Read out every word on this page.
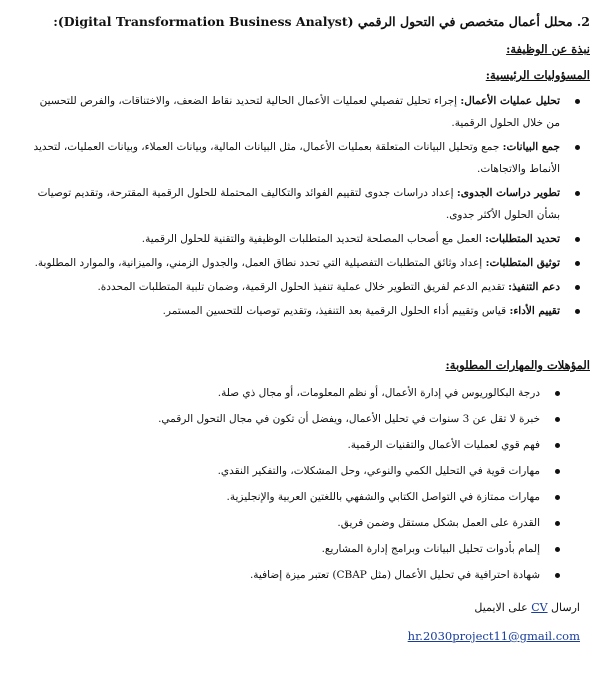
2. محلل أعمال متخصص في التحول الرقمي (Digital Transformation Business Analyst):
نبذة عن الوظيفة:
المسؤوليات الرئيسية:
تحليل عمليات الأعمال: إجراء تحليل تفصيلي لعمليات الأعمال الحالية لتحديد نقاط الضعف، والاختناقات، والفرص للتحسين من خلال الحلول الرقمية.
جمع البيانات: جمع وتحليل البيانات المتعلقة بعمليات الأعمال، مثل البيانات المالية، وبيانات العملاء، وبيانات العمليات، لتحديد الأنماط والاتجاهات.
تطوير دراسات الجدوى: إعداد دراسات جدوى لتقييم الفوائد والتكاليف المحتملة للحلول الرقمية المقترحة، وتقديم توصيات بشأن الحلول الأكثر جدوى.
تحديد المتطلبات: العمل مع أصحاب المصلحة لتحديد المتطلبات الوظيفية والتقنية للحلول الرقمية.
توثيق المتطلبات: إعداد وثائق المتطلبات التفصيلية التي تحدد نطاق العمل، والجدول الزمني، والميزانية، والموارد المطلوبة.
دعم التنفيذ: تقديم الدعم لفريق التطوير خلال عملية تنفيذ الحلول الرقمية، وضمان تلبية المتطلبات المحددة.
تقييم الأداء: قياس وتقييم أداء الحلول الرقمية بعد التنفيذ، وتقديم توصيات للتحسين المستمر.
المؤهلات والمهارات المطلوبة:
درجة البكالوريوس في إدارة الأعمال، أو نظم المعلومات، أو مجال ذي صلة.
خبرة لا تقل عن 3 سنوات في تحليل الأعمال، ويفضل أن تكون في مجال التحول الرقمي.
فهم قوي لعمليات الأعمال والتقنيات الرقمية.
مهارات قوية في التحليل الكمي والنوعي، وحل المشكلات، والتفكير النقدي.
مهارات ممتازة في التواصل الكتابي والشفهي باللغتين العربية والإنجليزية.
القدرة على العمل بشكل مستقل وضمن فريق.
إلمام بأدوات تحليل البيانات وبرامج إدارة المشاريع.
شهادة احترافية في تحليل الأعمال (مثل CBAP) تعتبر ميزة إضافية.
ارسال CV على الايميل
hr.2030project11@gmail.com
